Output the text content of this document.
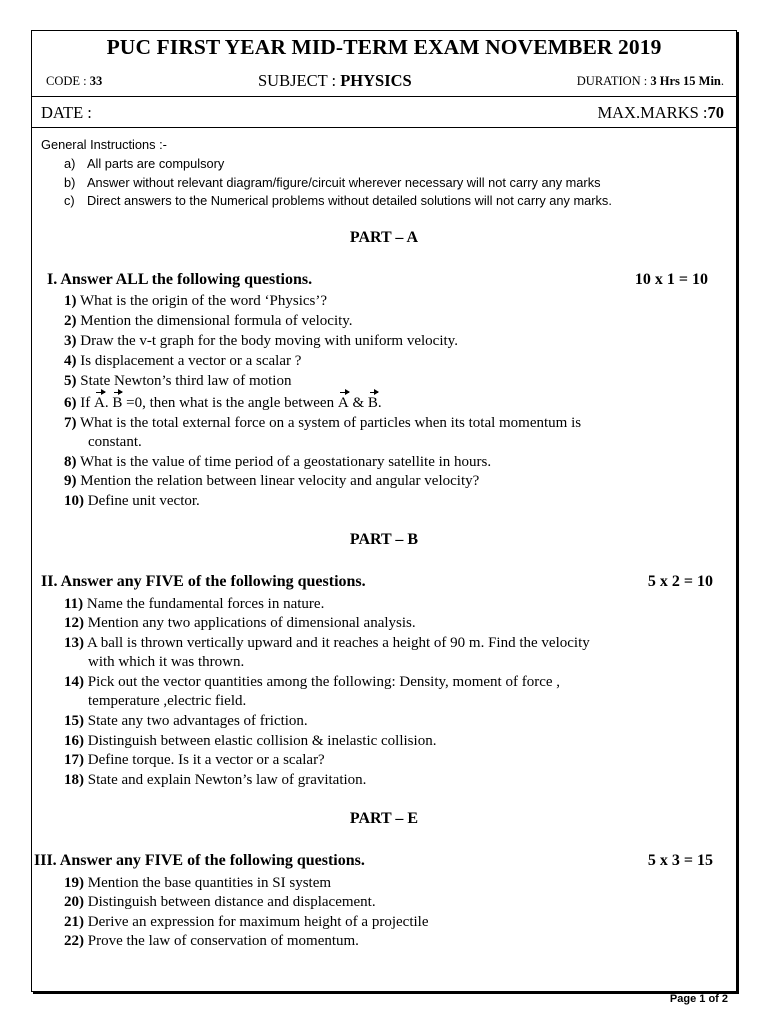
PUC FIRST YEAR MID-TERM EXAM NOVEMBER 2019
CODE : 33	SUBJECT : PHYSICS	DURATION : 3 Hrs 15 Min.
DATE :	MAX.MARKS :70
General Instructions :-
a) All parts are compulsory
b) Answer without relevant diagram/figure/circuit wherever necessary will not carry any marks
c) Direct answers to the Numerical problems without detailed solutions will not carry any marks.
PART – A
I. Answer ALL the following questions.	10 x 1 = 10
1) What is the origin of the word ‘Physics’?
2) Mention the dimensional formula of velocity.
3) Draw the v-t graph for the body moving with uniform velocity.
4) Is displacement a vector or a scalar ?
5) State Newton’s third law of motion
6) If A. B =0, then what is the angle between A & B.
7) What is the total external force on a system of particles when its total momentum is
constant.
8) What is the value of time period of a geostationary satellite in hours.
9) Mention the relation between linear velocity and angular velocity?
10) Define unit vector.
PART – B
II. Answer any FIVE of the following questions.	5 x 2 = 10
11) Name the fundamental forces in nature.
12) Mention any two applications of dimensional analysis.
13) A ball is thrown vertically upward and it reaches a height of 90 m. Find the velocity
with which it was thrown.
14) Pick out the vector quantities among the following: Density, moment of force ,
temperature ,electric field.
15) State any two advantages of friction.
16) Distinguish between elastic collision & inelastic collision.
17) Define torque. Is it a vector or a scalar?
18) State and explain Newton’s law of gravitation.
PART – E
III. Answer any FIVE of the following questions.	5 x 3 = 15
19) Mention the base quantities in SI system
20) Distinguish between distance and displacement.
21) Derive an expression for maximum height of a projectile
22) Prove the law of conservation of momentum.
Page 1 of 2
